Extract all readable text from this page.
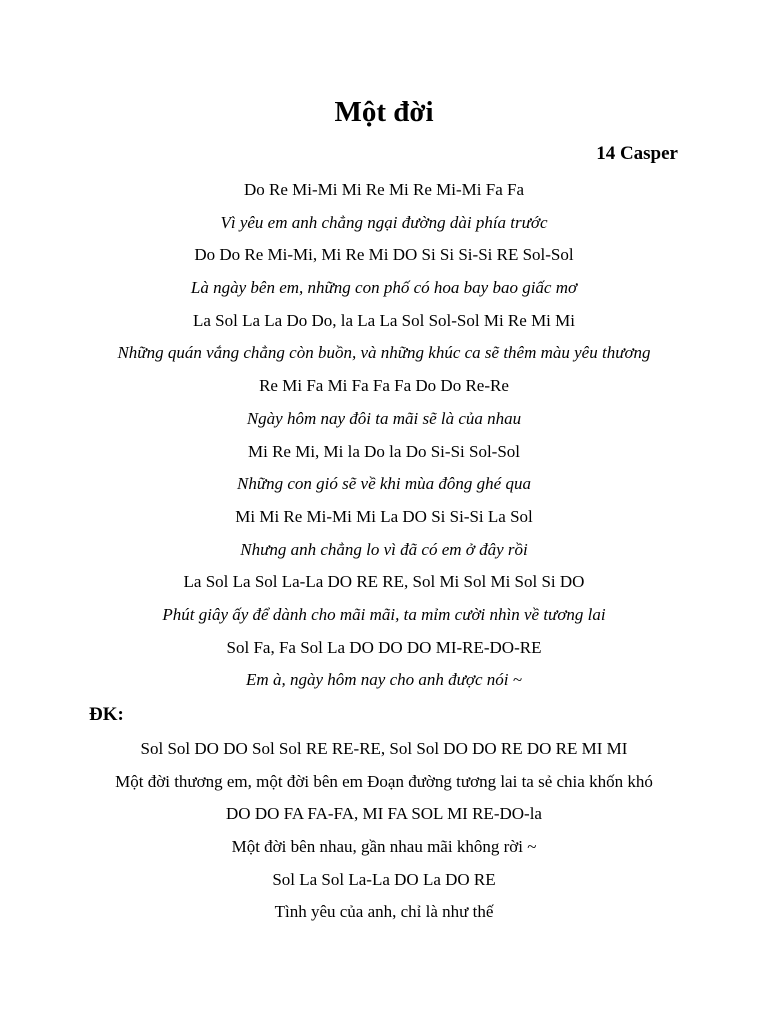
Một đời
14 Casper
Do Re Mi-Mi Mi Re Mi Re Mi-Mi Fa Fa
Vì yêu em anh chẳng ngại đường dài phía trước
Do Do Re Mi-Mi, Mi Re Mi DO Si Si Si-Si RE Sol-Sol
Là ngày bên em, những con phố có hoa bay bao giấc mơ
La Sol La La Do Do, la La La Sol Sol-Sol Mi Re Mi Mi
Những quán vắng chẳng còn buồn, và những khúc ca sẽ thêm màu yêu thương
Re Mi Fa Mi Fa Fa Fa Do Do Re-Re
Ngày hôm nay đôi ta mãi sẽ là của nhau
Mi Re Mi, Mi la Do la Do Si-Si Sol-Sol
Những con gió sẽ về khi mùa đông ghé qua
Mi Mi Re Mi-Mi Mi La DO Si Si-Si La Sol
Nhưng anh chẳng lo vì đã có em ở đây rồi
La Sol La Sol La-La DO RE RE, Sol Mi Sol Mi Sol Si DO
Phút giây ấy để dành cho mãi mãi, ta mỉm cười nhìn về tương lai
Sol Fa, Fa Sol La DO DO DO MI-RE-DO-RE
Em à, ngày hôm nay cho anh được nói ~
ĐK:
Sol Sol DO DO Sol Sol RE RE-RE, Sol Sol DO DO RE DO RE MI MI
Một đời thương em, một đời bên em Đoạn đường tương lai ta sẻ chia khốn khó
DO DO FA FA-FA, MI FA SOL MI RE-DO-la
Một đời bên nhau, gần nhau mãi không rời ~
Sol La Sol La-La DO La DO RE
Tình yêu của anh, chỉ là như thế
